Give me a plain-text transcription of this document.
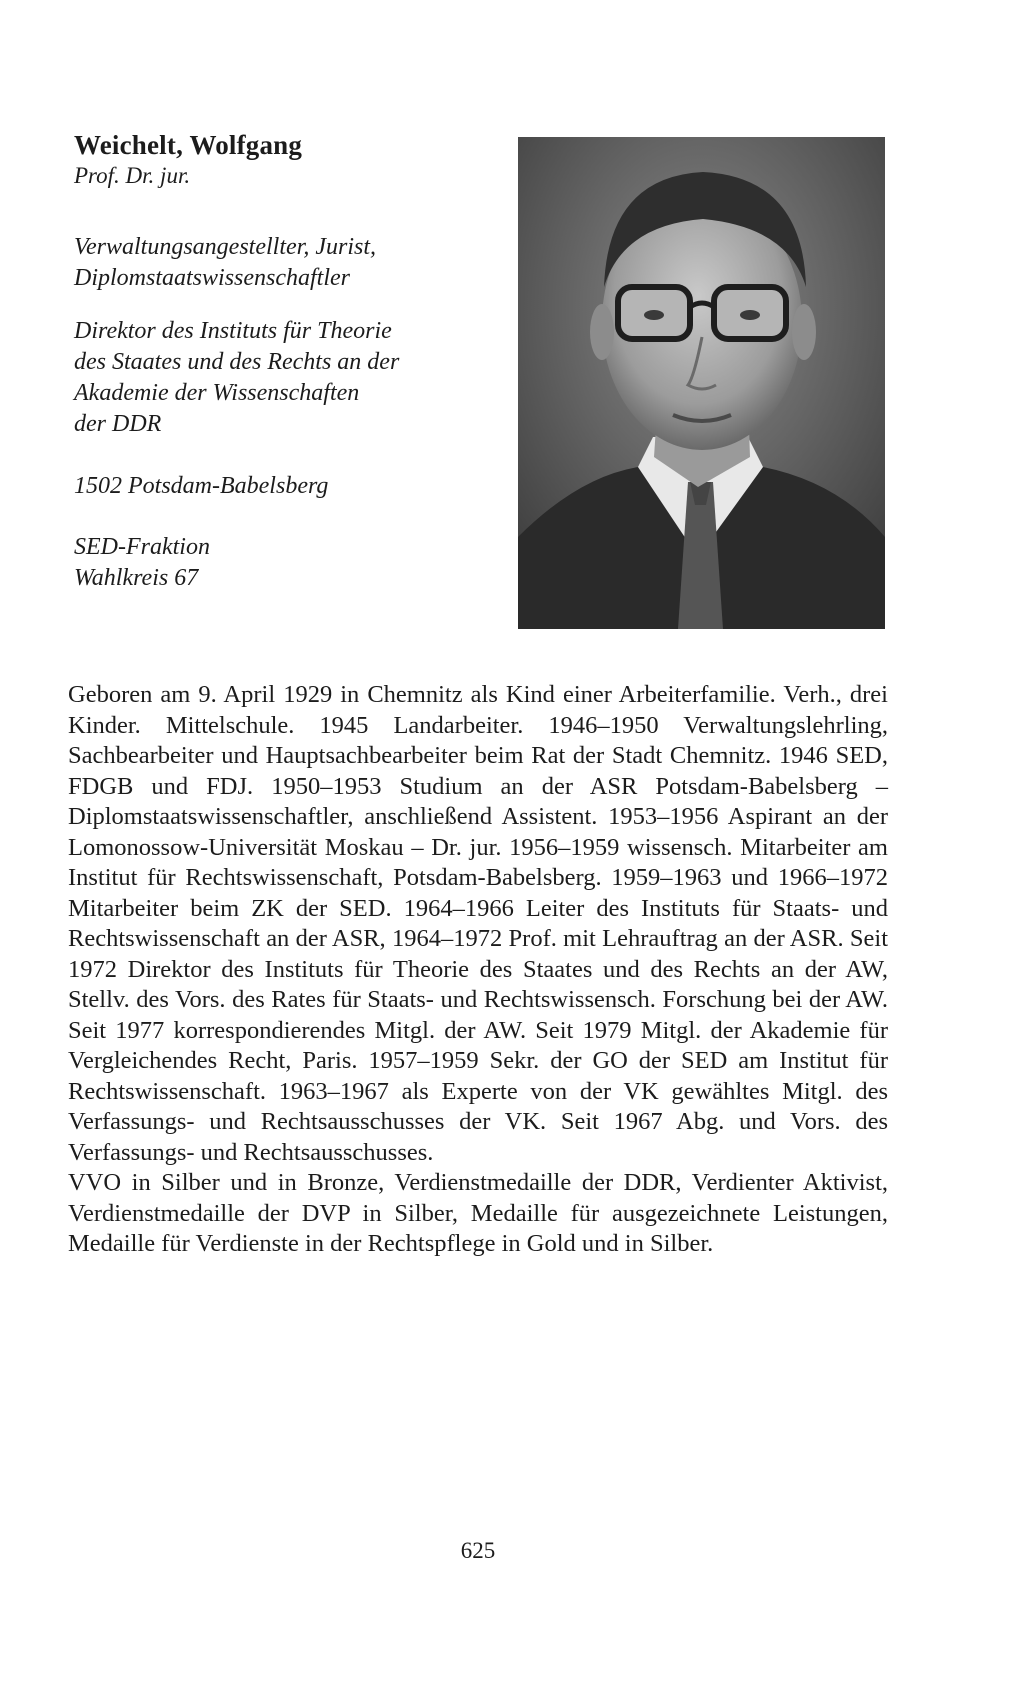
Weichelt, Wolfgang
Prof. Dr. jur.
Verwaltungsangestellter, Jurist,
Diplomstaatswissenschaftler
Direktor des Instituts für Theorie
des Staates und des Rechts an der
Akademie der Wissenschaften
der DDR
1502 Potsdam-Babelsberg
SED-Fraktion
Wahlkreis 67

Geboren am 9. April 1929 in Chemnitz als Kind einer Arbeiterfamilie. Verh., drei Kinder. Mittelschule. 1945 Landarbeiter. 1946–1950 Verwaltungslehrling, Sachbearbeiter und Hauptsachbearbeiter beim Rat der Stadt Chemnitz. 1946 SED, FDGB und FDJ. 1950–1953 Studium an der ASR Potsdam-Babelsberg – Diplomstaatswissenschaftler, anschließend Assistent. 1953–1956 Aspirant an der Lomonossow-Universität Moskau – Dr. jur. 1956–1959 wissensch. Mitarbeiter am Institut für Rechtswissenschaft, Potsdam-Babelsberg. 1959–1963 und 1966–1972 Mitarbeiter beim ZK der SED. 1964–1966 Leiter des Instituts für Staats- und Rechtswissenschaft an der ASR, 1964–1972 Prof. mit Lehrauftrag an der ASR. Seit 1972 Direktor des Instituts für Theorie des Staates und des Rechts an der AW, Stellv. des Vors. des Rates für Staats- und Rechtswissensch. Forschung bei der AW. Seit 1977 korrespondierendes Mitgl. der AW. Seit 1979 Mitgl. der Akademie für Vergleichendes Recht, Paris. 1957–1959 Sekr. der GO der SED am Institut für Rechtswissenschaft. 1963–1967 als Experte von der VK gewähltes Mitgl. des Verfassungs- und Rechtsausschusses der VK. Seit 1967 Abg. und Vors. des Verfassungs- und Rechtsausschusses.

VVO in Silber und in Bronze, Verdienstmedaille der DDR, Verdienter Aktivist, Verdienstmedaille der DVP in Silber, Medaille für ausgezeichnete Leistungen, Medaille für Verdienste in der Rechtspflege in Gold und in Silber.

625
